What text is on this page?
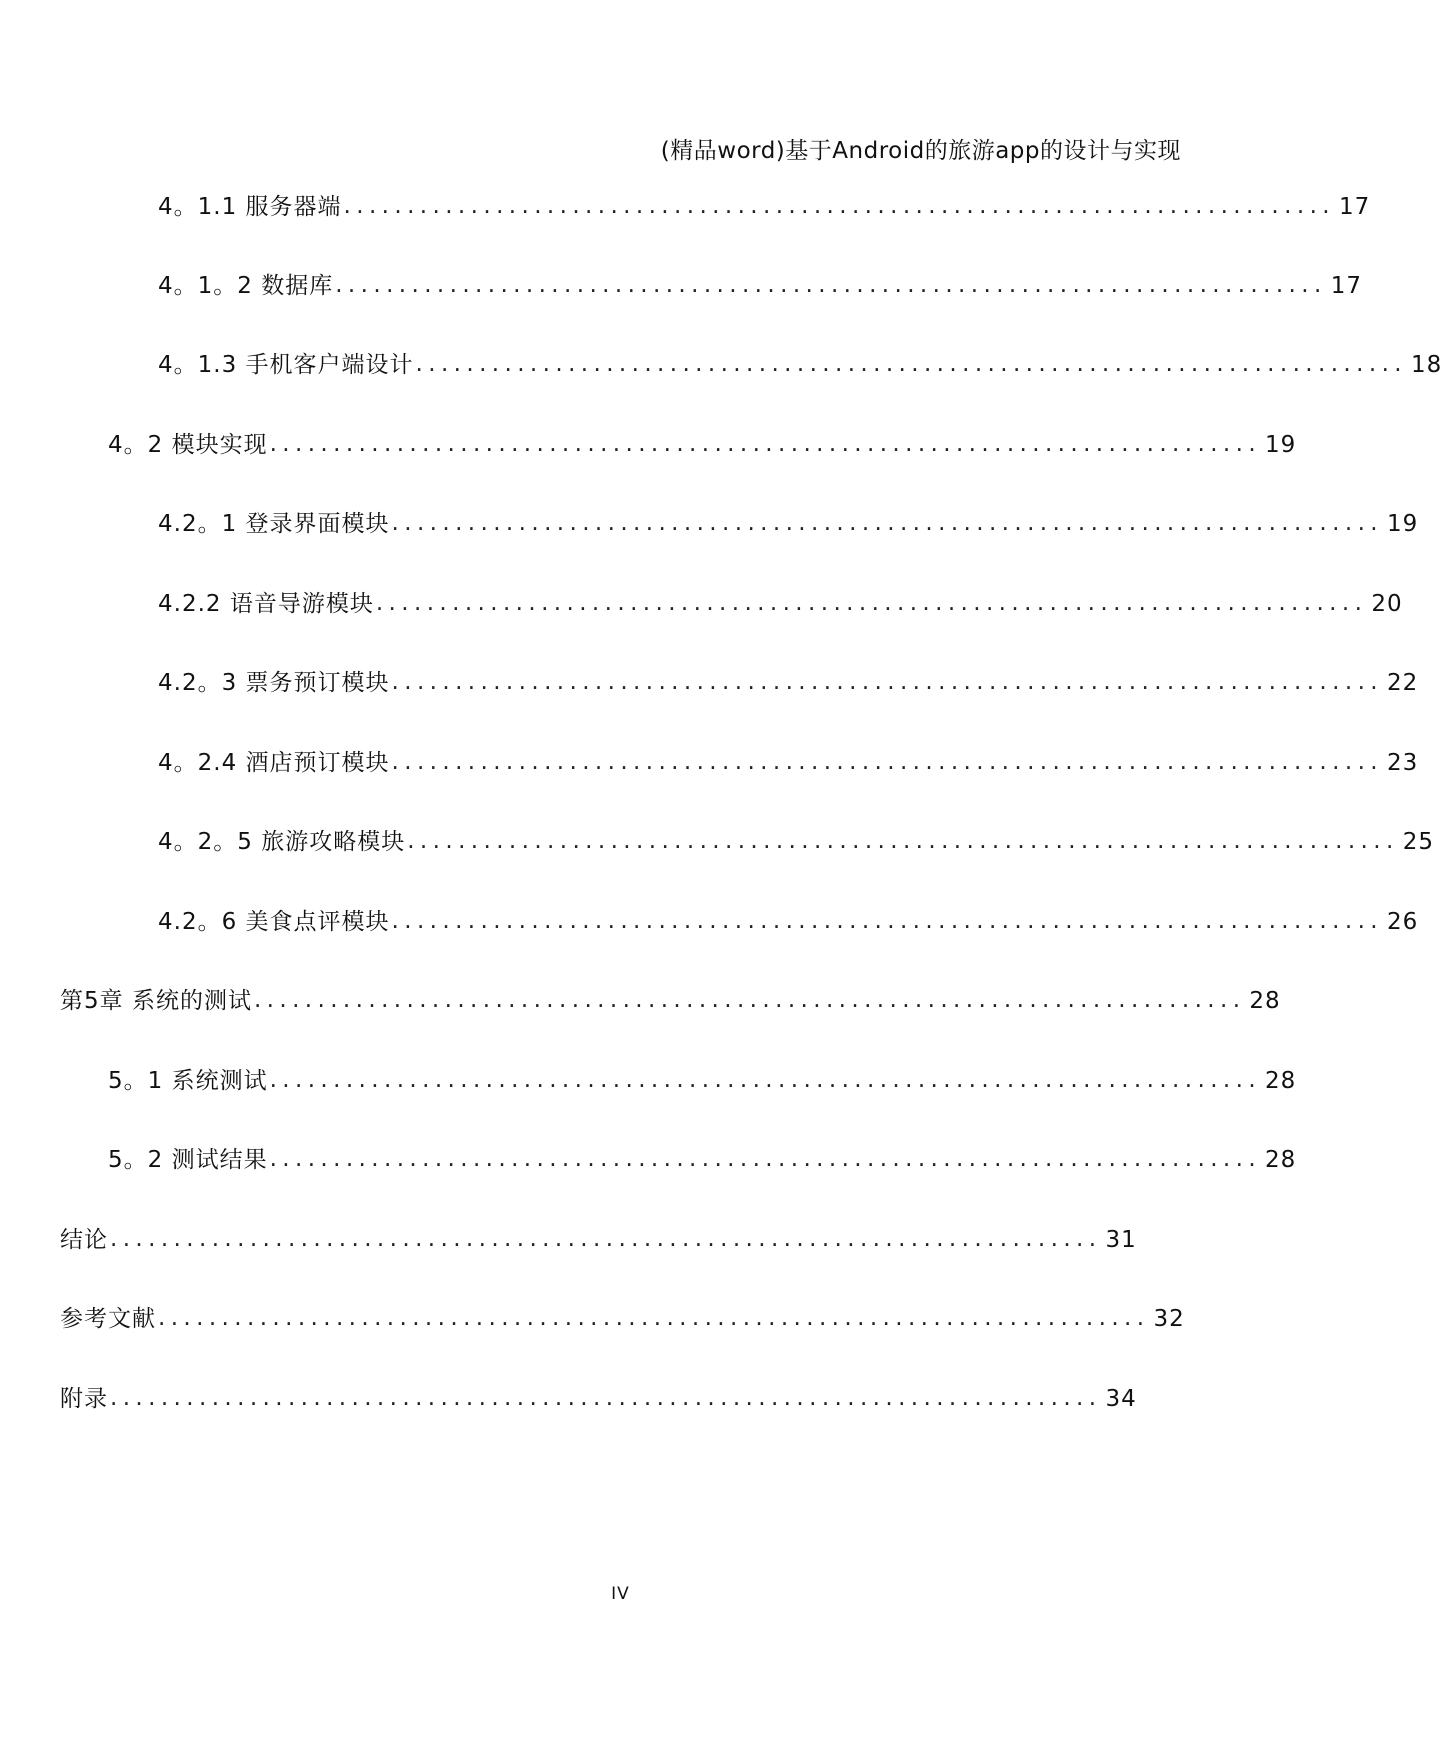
(精品word)基于Android的旅游app的设计与实现
4。1.1 服务器端 .............................................................................. 17
4。1。2 数据库 .............................................................................. 17
4。1.3 手机客户端设计 .............................................................................. 18
4。2 模块实现 .............................................................................. 19
4.2。1 登录界面模块 .............................................................................. 19
4.2.2 语音导游模块 .............................................................................. 20
4.2。3 票务预订模块 .............................................................................. 22
4。2.4 酒店预订模块 .............................................................................. 23
4。2。5 旅游攻略模块 .............................................................................. 25
4.2。6 美食点评模块 .............................................................................. 26
第5章 系统的测试 .............................................................................. 28
5。1 系统测试 .............................................................................. 28
5。2 测试结果 .............................................................................. 28
结论 .............................................................................. 31
参考文献 .............................................................................. 32
附录 .............................................................................. 34
IV
